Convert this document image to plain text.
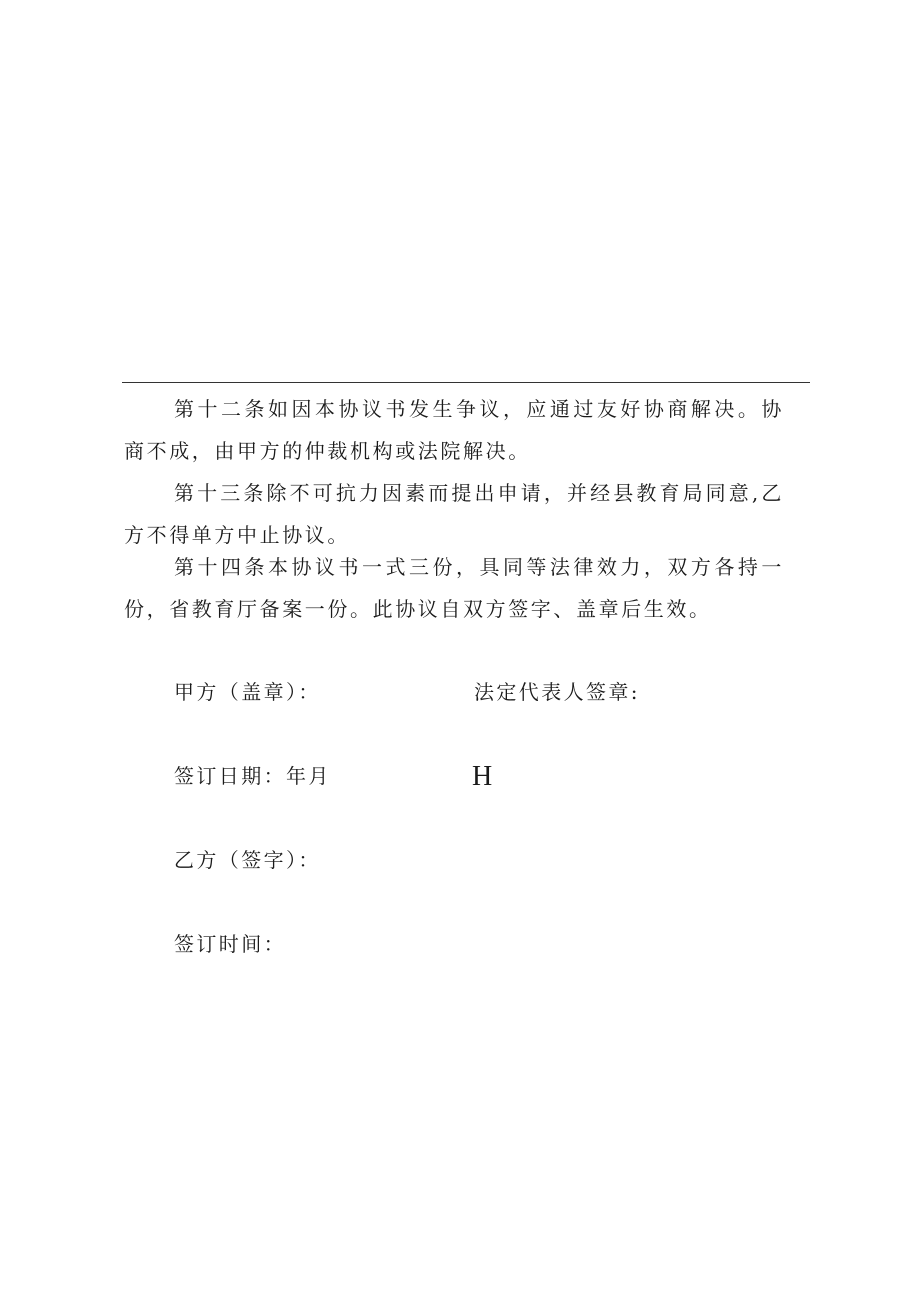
第十二条如因本协议书发生争议，应通过友好协商解决。协商不成，由甲方的仲裁机构或法院解决。

第十三条除不可抗力因素而提出申请，并经县教育局同意,乙方不得单方中止协议。

第十四条本协议书一式三份，具同等法律效力，双方各持一份，省教育厅备案一份。此协议自双方签字、盖章后生效。

甲方（盖章）：	法定代表人签章:
签订日期：年月	H
乙方（签字）：
签订时间：
